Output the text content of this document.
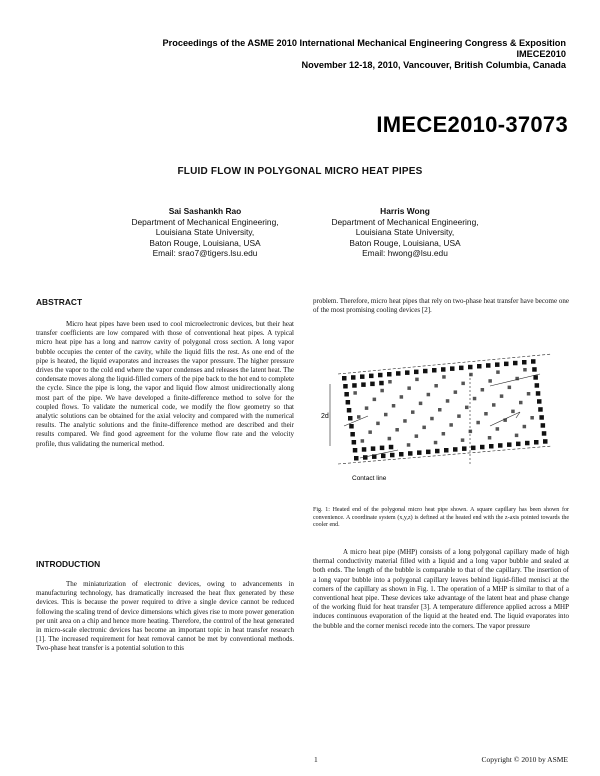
Proceedings of the ASME 2010 International Mechanical Engineering Congress & Exposition
IMECE2010
November 12-18, 2010, Vancouver, British Columbia, Canada
IMECE2010-37073
FLUID FLOW IN POLYGONAL MICRO HEAT PIPES
Sai Sashankh Rao
Department of Mechanical Engineering,
Louisiana State University,
Baton Rouge, Louisiana, USA
Email: srao7@tigers.lsu.edu
Harris Wong
Department of Mechanical Engineering,
Louisiana State University,
Baton Rouge, Louisiana, USA
Email: hwong@lsu.edu
ABSTRACT

Micro heat pipes have been used to cool microelectronic devices, but their heat transfer coefficients are low compared with those of conventional heat pipes. A typical micro heat pipe has a long and narrow cavity of polygonal cross section. A long vapor bubble occupies the center of the cavity, while the liquid fills the rest. As one end of the pipe is heated, the liquid evaporates and increases the vapor pressure. The higher pressure drives the vapor to the cold end where the vapor condenses and releases the latent heat. The condensate moves along the liquid-filled corners of the pipe back to the hot end to complete the cycle. Since the pipe is long, the vapor and liquid flow almost unidirectionally along most part of the pipe. We have developed a finite-difference method to solve for the coupled flows. To validate the numerical code, we modify the flow geometry so that analytic solutions can be obtained for the axial velocity and compared with the numerical results. The analytic solutions and the finite-difference method are described and their results compared. We find good agreement for the volume flow rate and the velocity profile, thus validating the numerical method.

INTRODUCTION

The miniaturization of electronic devices, owing to advancements in manufacturing technology, has dramatically increased the heat flux generated by these devices. This is because the power required to drive a single device cannot be reduced following the scaling trend of device dimensions which gives rise to more power generation per unit area on a chip and hence more heating. Therefore, the control of the heat generated in micro-scale electronic devices has become an important topic in heat transfer research [1]. The increased requirement for heat removal cannot be met by conventional methods. Two-phase heat transfer is a potential solution to this

problem. Therefore, micro heat pipes that rely on two-phase heat transfer have become one of the most promising cooling devices [2].

2d
Contact line
Fig. 1: Heated end of the polygonal micro heat pipe shown. A square capillary has been shown for convenience. A coordinate system (x,y,z) is defined at the heated end with the z-axis pointed towards the cooler end.

A micro heat pipe (MHP) consists of a long polygonal capillary made of high thermal conductivity material filled with a liquid and a long vapor bubble and sealed at both ends. The length of the bubble is comparable to that of the capillary. The insertion of a long vapor bubble into a polygonal capillary leaves behind liquid-filled menisci at the corners of the capillary as shown in Fig. 1. The operation of a MHP is similar to that of a conventional heat pipe. These devices take advantage of the latent heat and phase change of the working fluid for heat transfer [3]. A temperature difference applied across a MHP induces continuous evaporation of the liquid at the heated end. The liquid evaporates into the bubble and the corner menisci recede into the corners. The vapor pressure

1	Copyright © 2010 by ASME
